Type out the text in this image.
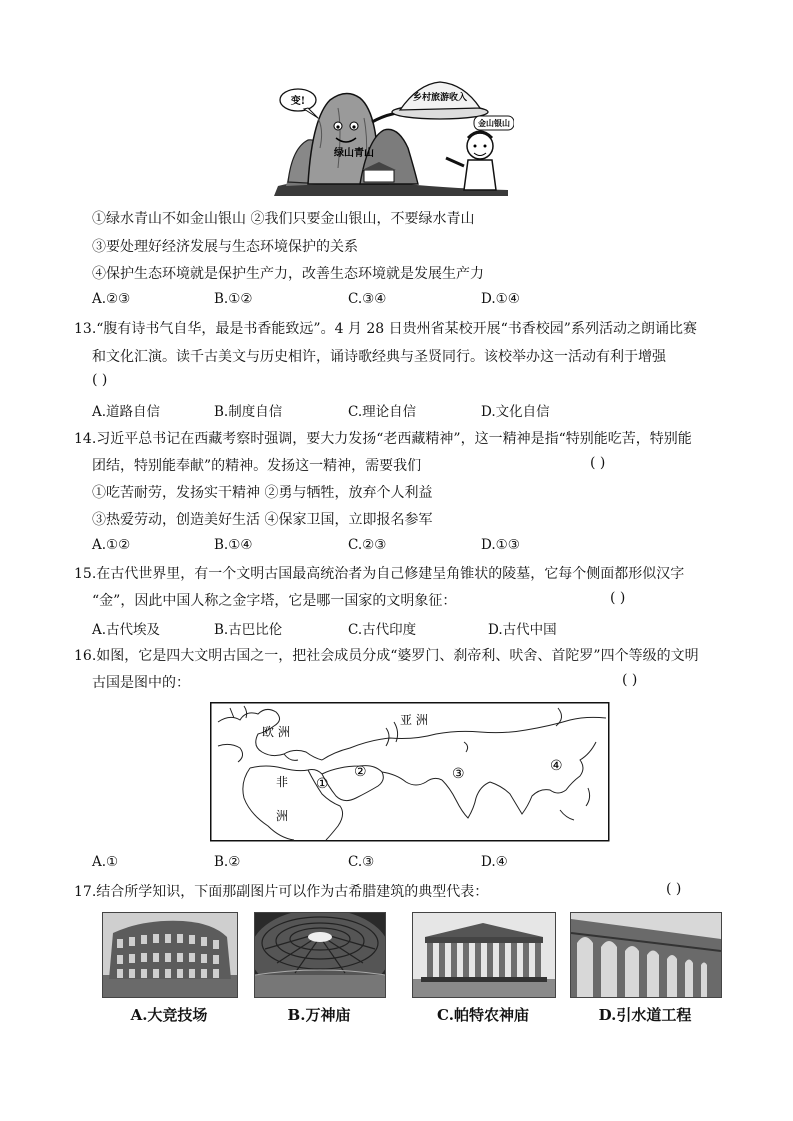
变!	乡村旅游收入
金山银山
绿山青山
①绿水青山不如金山银山 ②我们只要金山银山，不要绿水青山
③要处理好经济发展与生态环境保护的关系
④保护生态环境就是保护生产力，改善生态环境就是发展生产力
A.②③	B.①②	C.③④	D.①④
13.“腹有诗书气自华，最是书香能致远”。4 月 28 日贵州省某校开展“书香校园”系列活动之朗诵比赛
和文化汇演。读千古美文与历史相许，诵诗歌经典与圣贤同行。该校举办这一活动有利于增强
( )
A.道路自信	B.制度自信	C.理论自信	D.文化自信
14.习近平总书记在西藏考察时强调，要大力发扬“老西藏精神”，这一精神是指“特别能吃苦，特别能
团结，特别能奉献”的精神。发扬这一精神，需要我们	( )
①吃苦耐劳，发扬实干精神 ②勇与牺牲，放弃个人利益
③热爱劳动，创造美好生活 ④保家卫国，立即报名参军
A.①②	B.①④	C.②③	D.①③
15.在古代世界里，有一个文明古国最高统治者为自己修建呈角锥状的陵墓，它每个侧面都形似汉字
“金”，因此中国人称之金字塔，它是哪一国家的文明象征：	( )
A.古代埃及	B.古巴比伦	C.古代印度	D.古代中国
16.如图，它是四大文明古国之一，把社会成员分成“婆罗门、刹帝利、吠舍、首陀罗”四个等级的文明
古国是图中的：	( )
欧 洲
亚 洲
非
洲
①
②	③	④
A.①	B.②	C.③	D.④
17.结合所学知识，下面那副图片可以作为古希腊建筑的典型代表：	( )
A.大竞技场	B.万神庙	C.帕特农神庙	D.引水道工程
